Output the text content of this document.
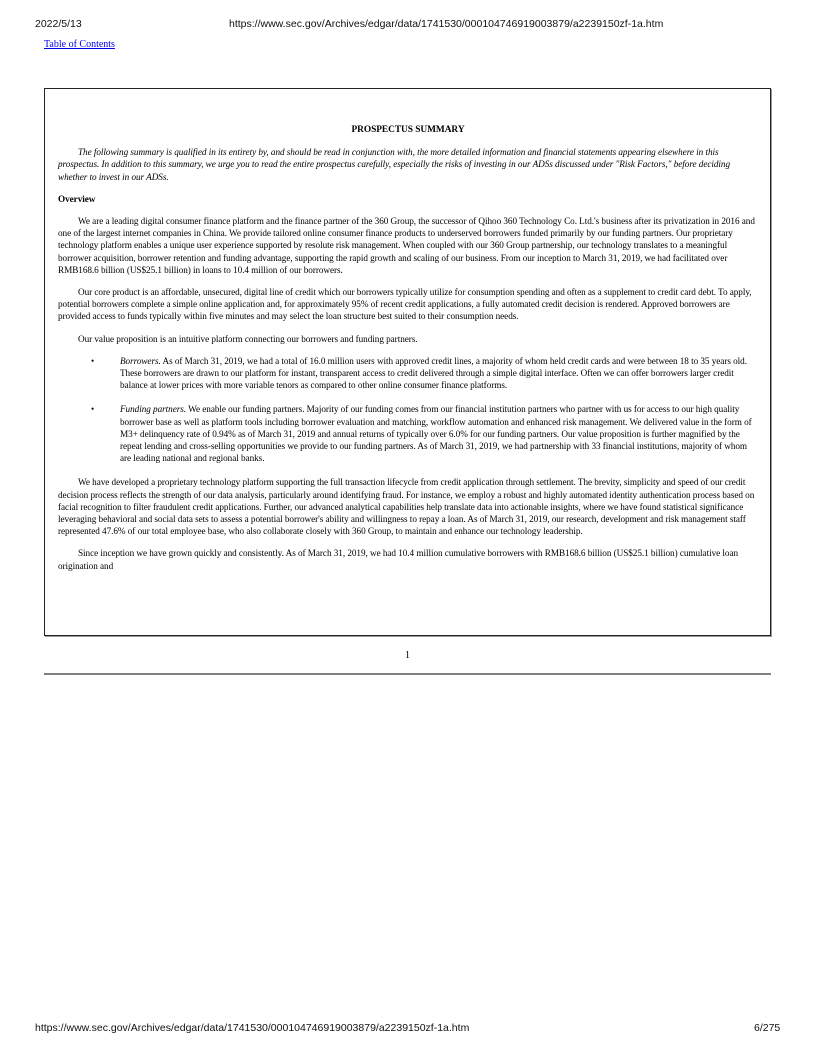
2022/5/13	https://www.sec.gov/Archives/edgar/data/1741530/000104746919003879/a2239150zf-1a.htm
Table of Contents
PROSPECTUS SUMMARY

The following summary is qualified in its entirety by, and should be read in conjunction with, the more detailed information and financial statements appearing elsewhere in this prospectus. In addition to this summary, we urge you to read the entire prospectus carefully, especially the risks of investing in our ADSs discussed under "Risk Factors," before deciding whether to invest in our ADSs.

Overview

We are a leading digital consumer finance platform and the finance partner of the 360 Group, the successor of Qihoo 360 Technology Co. Ltd.'s business after its privatization in 2016 and one of the largest internet companies in China. We provide tailored online consumer finance products to underserved borrowers funded primarily by our funding partners. Our proprietary technology platform enables a unique user experience supported by resolute risk management. When coupled with our 360 Group partnership, our technology translates to a meaningful borrower acquisition, borrower retention and funding advantage, supporting the rapid growth and scaling of our business. From our inception to March 31, 2019, we had facilitated over RMB168.6 billion (US$25.1 billion) in loans to 10.4 million of our borrowers.

Our core product is an affordable, unsecured, digital line of credit which our borrowers typically utilize for consumption spending and often as a supplement to credit card debt. To apply, potential borrowers complete a simple online application and, for approximately 95% of recent credit applications, a fully automated credit decision is rendered. Approved borrowers are provided access to funds typically within five minutes and may select the loan structure best suited to their consumption needs.

Our value proposition is an intuitive platform connecting our borrowers and funding partners.

•	Borrowers. As of March 31, 2019, we had a total of 16.0 million users with approved credit lines, a majority of whom held credit cards and were between 18 to 35 years old. These borrowers are drawn to our platform for instant, transparent access to credit delivered through a simple digital interface. Often we can offer borrowers larger credit balance at lower prices with more variable tenors as compared to other online consumer finance platforms.
•	Funding partners. We enable our funding partners. Majority of our funding comes from our financial institution partners who partner with us for access to our high quality borrower base as well as platform tools including borrower evaluation and matching, workflow automation and enhanced risk management. We delivered value in the form of M3+ delinquency rate of 0.94% as of March 31, 2019 and annual returns of typically over 6.0% for our funding partners. Our value proposition is further magnified by the repeat lending and cross-selling opportunities we provide to our funding partners. As of March 31, 2019, we had partnership with 33 financial institutions, majority of whom are leading national and regional banks.

We have developed a proprietary technology platform supporting the full transaction lifecycle from credit application through settlement. The brevity, simplicity and speed of our credit decision process reflects the strength of our data analysis, particularly around identifying fraud. For instance, we employ a robust and highly automated identity authentication process based on facial recognition to filter fraudulent credit applications. Further, our advanced analytical capabilities help translate data into actionable insights, where we have found statistical significance leveraging behavioral and social data sets to assess a potential borrower's ability and willingness to repay a loan. As of March 31, 2019, our research, development and risk management staff represented 47.6% of our total employee base, who also collaborate closely with 360 Group, to maintain and enhance our technology leadership.

Since inception we have grown quickly and consistently. As of March 31, 2019, we had 10.4 million cumulative borrowers with RMB168.6 billion (US$25.1 billion) cumulative loan origination and

1
https://www.sec.gov/Archives/edgar/data/1741530/000104746919003879/a2239150zf-1a.htm	6/275
